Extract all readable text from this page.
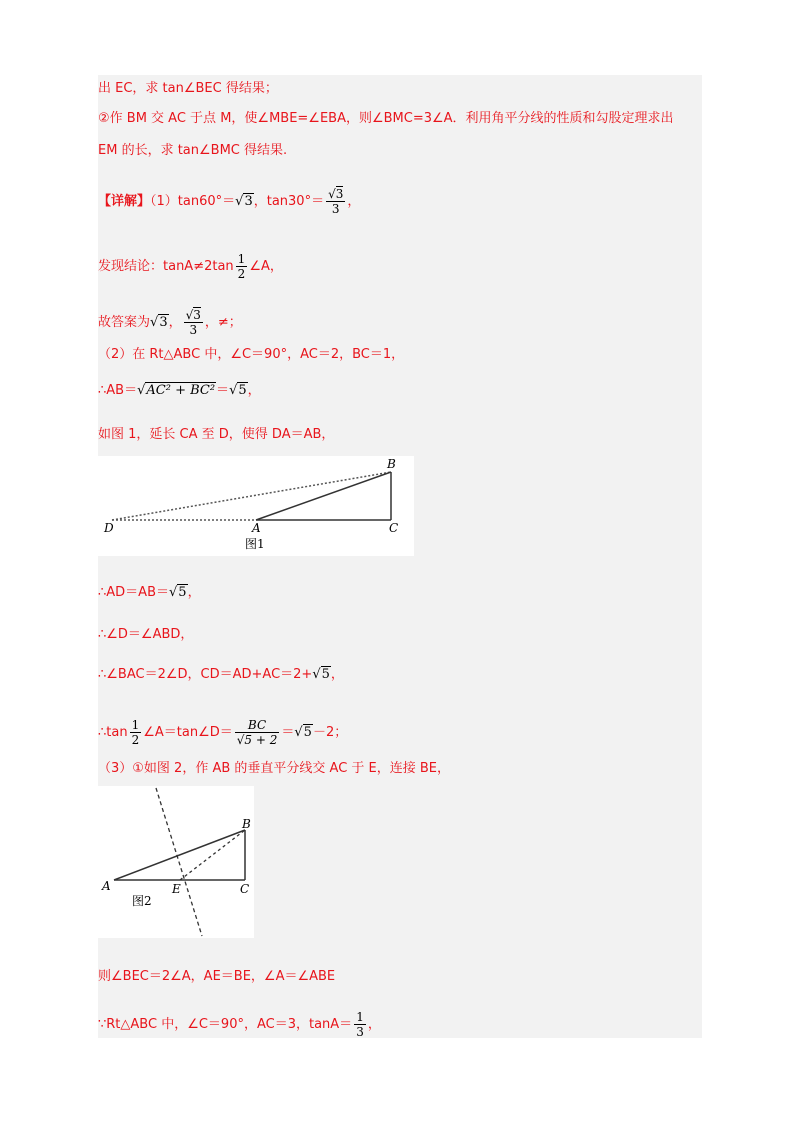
出 EC，求 tan∠BEC 得结果；
②作 BM 交 AC 于点 M，使∠MBE=∠EBA，则∠BMC=3∠A．利用角平分线的性质和勾股定理求出
EM 的长，求 tan∠BMC 得结果.
【详解】（1）tan60°＝√3，$\tan 30^\circ= \frac{√3}{3}$ ，
发现结论：$\tan A\ne 2\tan \frac{1}{2}$ ∠A，
故答案为√3， $\frac{√3}{3}$ ，≠；
（2）在 Rt△ABC 中，∠C＝90°，AC＝2，BC＝1，
∴AB＝√AC² + BC²＝√5，
如图 1，延长 CA 至 D，使得 DA＝AB，
D	A
B
C
图1
∴AD＝AB＝√5，
∴∠D＝∠ABD，
∴∠BAC＝2∠D，CD＝AD+AC＝2+√5，
∴tan $\frac{1}{2}$ ∠A＝tan∠D＝ $\frac{BC}{√5 + 2} =√5-2$；
（3）①如图 2，作 AB 的垂直平分线交 AC 于 E，连接 BE，
A
B
C
E
图2
则∠BEC＝2∠A，AE＝BE，∠A＝∠ABE
∵Rt△ABC 中，∠C＝90°，AC＝3，$\tan A= \frac{1}{3}$ ，
